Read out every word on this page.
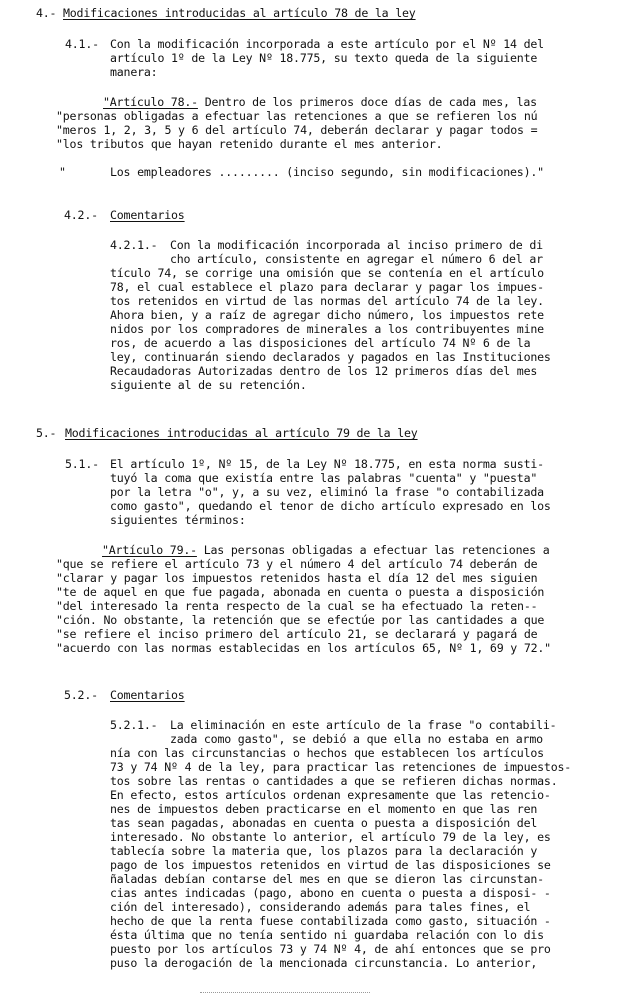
4.- Modificaciones introducidas al artículo 78 de la ley
4.1.- Con la modificación incorporada a este artículo por el Nº 14 del
artículo 1º de la Ley Nº 18.775, su texto queda de la siguiente
manera:
"Artículo 78.- Dentro de los primeros doce días de cada mes, las
"personas obligadas a efectuar las retenciones a que se refieren los nú
"meros 1, 2, 3, 5 y 6 del artículo 74, deberán declarar y pagar todos =
"los tributos que hayan retenido durante el mes anterior.
"	Los empleadores ......... (inciso segundo, sin modificaciones)."
4.2.- Comentarios
4.2.1.- Con la modificación incorporada al inciso primero de di
cho artículo, consistente en agregar el número 6 del ar
tículo 74, se corrige una omisión que se contenía en el artículo
78, el cual establece el plazo para declarar y pagar los impues-
tos retenidos en virtud de las normas del artículo 74 de la ley.
Ahora bien, y a raíz de agregar dicho número, los impuestos rete
nidos por los compradores de minerales a los contribuyentes mine
ros, de acuerdo a las disposiciones del artículo 74 Nº 6 de la
ley, continuarán siendo declarados y pagados en las Instituciones
Recaudadoras Autorizadas dentro de los 12 primeros días del mes
siguiente al de su retención.
5.- Modificaciones introducidas al artículo 79 de la ley
5.1.- El artículo 1º, Nº 15, de la Ley Nº 18.775, en esta norma susti-
tuyó la coma que existía entre las palabras "cuenta" y "puesta"
por la letra "o", y, a su vez, eliminó la frase "o contabilizada
como gasto", quedando el tenor de dicho artículo expresado en los
siguientes términos:
"Artículo 79.- Las personas obligadas a efectuar las retenciones a
"que se refiere el artículo 73 y el número 4 del artículo 74 deberán de
"clarar y pagar los impuestos retenidos hasta el día 12 del mes siguien
"te de aquel en que fue pagada, abonada en cuenta o puesta a disposición
"del interesado la renta respecto de la cual se ha efectuado la reten--
"ción. No obstante, la retención que se efectúe por las cantidades a que
"se refiere el inciso primero del artículo 21, se declarará y pagará de
"acuerdo con las normas establecidas en los artículos 65, Nº 1, 69 y 72."
5.2.- Comentarios
5.2.1.- La eliminación en este artículo de la frase "o contabili-
zada como gasto", se debió a que ella no estaba en armo
nía con las circunstancias o hechos que establecen los artículos
73 y 74 Nº 4 de la ley, para practicar las retenciones de impuestos-
tos sobre las rentas o cantidades a que se refieren dichas normas.
En efecto, estos artículos ordenan expresamente que las retencio-
nes de impuestos deben practicarse en el momento en que las ren
tas sean pagadas, abonadas en cuenta o puesta a disposición del
interesado. No obstante lo anterior, el artículo 79 de la ley, es
tablecía sobre la materia que, los plazos para la declaración y
pago de los impuestos retenidos en virtud de las disposiciones se
ñaladas debían contarse del mes en que se dieron las circunstan-
cias antes indicadas (pago, abono en cuenta o puesta a disposi- -
ción del interesado), considerando además para tales fines, el
hecho de que la renta fuese contabilizada como gasto, situación -
ésta última que no tenía sentido ni guardaba relación con lo dis
puesto por los artículos 73 y 74 Nº 4, de ahí entonces que se pro
puso la derogación de la mencionada circunstancia. Lo anterior,
